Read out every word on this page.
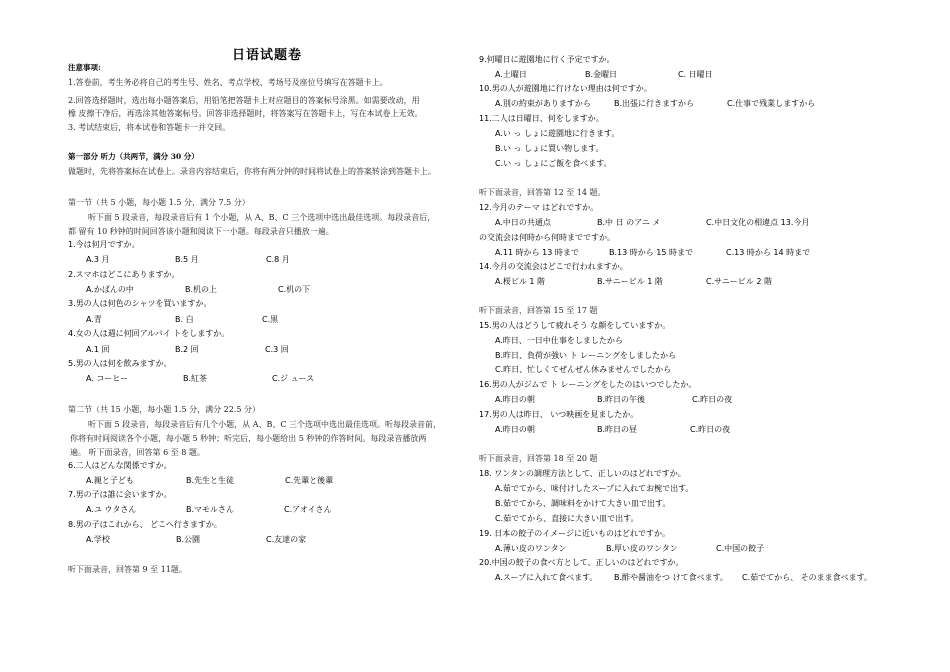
日语试题卷
注意事项:
1.答卷前，考生务必将自己的考生号、姓名、考点学校、考场号及座位号填写在答题卡上。
2.回答选择题时，选出每小题答案后，用铅笔把答题卡上对应题目的答案标号涂黑。如需要改动，用
橡 皮擦干净后，再选涂其他答案标号。回答非选择题时，将答案写在答题卡上，写在本试卷上无效。
3. 考试结束后，将本试卷和答题卡一并交回。
第一部分 听力（共两节，满分 30 分）
做题时，先将答案标在试卷上。录音内容结束后，你将有两分钟的时间将试卷上的答案转涂到答题卡上。
第一节（共 5 小题，每小题 1.5 分，满分 7.5 分）
听下面 5 段录音，每段录音后有 1 个小题，从 A、B、C 三个选项中选出最佳选项。每段录音后，
都 留有 10 秒钟的时间回答该小题和阅读下一小题。每段录音只播放一遍。
1.今は何月ですか。
A.3 月	B.5 月	C.8 月
2.スマホはどこにありますか。
A.かばんの中	B.机の上	C.机の下
3.男の人は何色のシャツを買いますか。
A.青	B. 白	C.黒
4.女の人は週に何回アルバイ トをしますか。
A.1 回	B.2 回	C.3 回
5.男の人は何を飲みますか。
A. コーヒー	B.紅茶	C.ジ ュース
第二节（共 15 小题，每小题 1.5 分，满分 22.5 分）
听下面 5 段录音，每段录音后有几个小题，从 A、B、C 三个选项中选出最佳选项。听每段录音前，
你将有时间阅读各个小题，每小题 5 秒钟；听完后，每小题给出 5 秒钟的作答时间。每段录音播放两
遍。 听下面录音，回答第 6 至 8 题。
6.二人はどんな関係ですか。
A.親と子ども	B.先生と生徒	C.先輩と後輩
7.男の子は誰に会いますか。
A.ユ ウタさん	B.マモルさん	C.アオイさん
8.男の子はこれから、 どこへ行きますか。
A.学校	B.公園	C.友達の家
听下面录音，回答第 9 至 11题。
9.何曜日に遊園地に行く予定ですか。
A.土曜日	B.金曜日	C. 日曜日
10.男の人が遊園地に行けない理由は何ですか。
A.別の約束がありますから	B.出張に行きますから	C.仕事で残業しますから
11.二人は日曜日、何をしますか。
A.い っ しょに遊園地に行きます。
B.い っ しょに買い物します。
C.い っ しょにご飯を食べます。
听下面录音，回答第 12 至 14 题。
12.今月のテーマ はどれですか。
A.中日の共通点	B.中 日 のアニ メ	C.中日文化の相違点 13.今月
の交流会は何時から何時までですか。
A.11 時から 13 時まで	B.13 時から 15 時まで	C.13 時から 14 時まで
14.今月の交流会はどこで行われますか。
A.桜ビル 1 階	B.サニービル 1 階	C.サニービル 2 階
听下面录音，回答第 15 至 17 题
15.男の人はどうして疲れそう な顔をしていますか。
A.昨日、一日中仕事をしましたから
B.昨日、負荷が強い ト レーニングをしましたから
C.昨日、忙しくてぜんぜん休みませんでしたから
16.男の人がジムで ト レーニングをしたのはいつでしたか。
A.昨日の朝	B.昨日の午後	C.昨日の夜
17.男の人は昨日、 いつ映画を見ましたか。
A.昨日の朝	B.昨日の昼	C.昨日の夜
听下面录音，回答第 18 至 20 题
18. ワンタンの調理方法として、正しいのはどれですか。
A.茹でてから、味付けしたスープに入れてお椀で出す。
B.茹でてから、調味料をかけて大きい皿で出す。
C.茹でてから、直接に大きい皿で出す。
19. 日本の餃子のイメージに近いものはどれですか。
A.薄い皮のワンタン	B.厚い皮のワンタン	C.中国の餃子
20.中国の餃子の食べ方として、正しいのはどれですか。
A.スープに入れて食べます。 B.酢や醤油をつ けて食べます。 C.茹でてから、 そのまま食べます。
